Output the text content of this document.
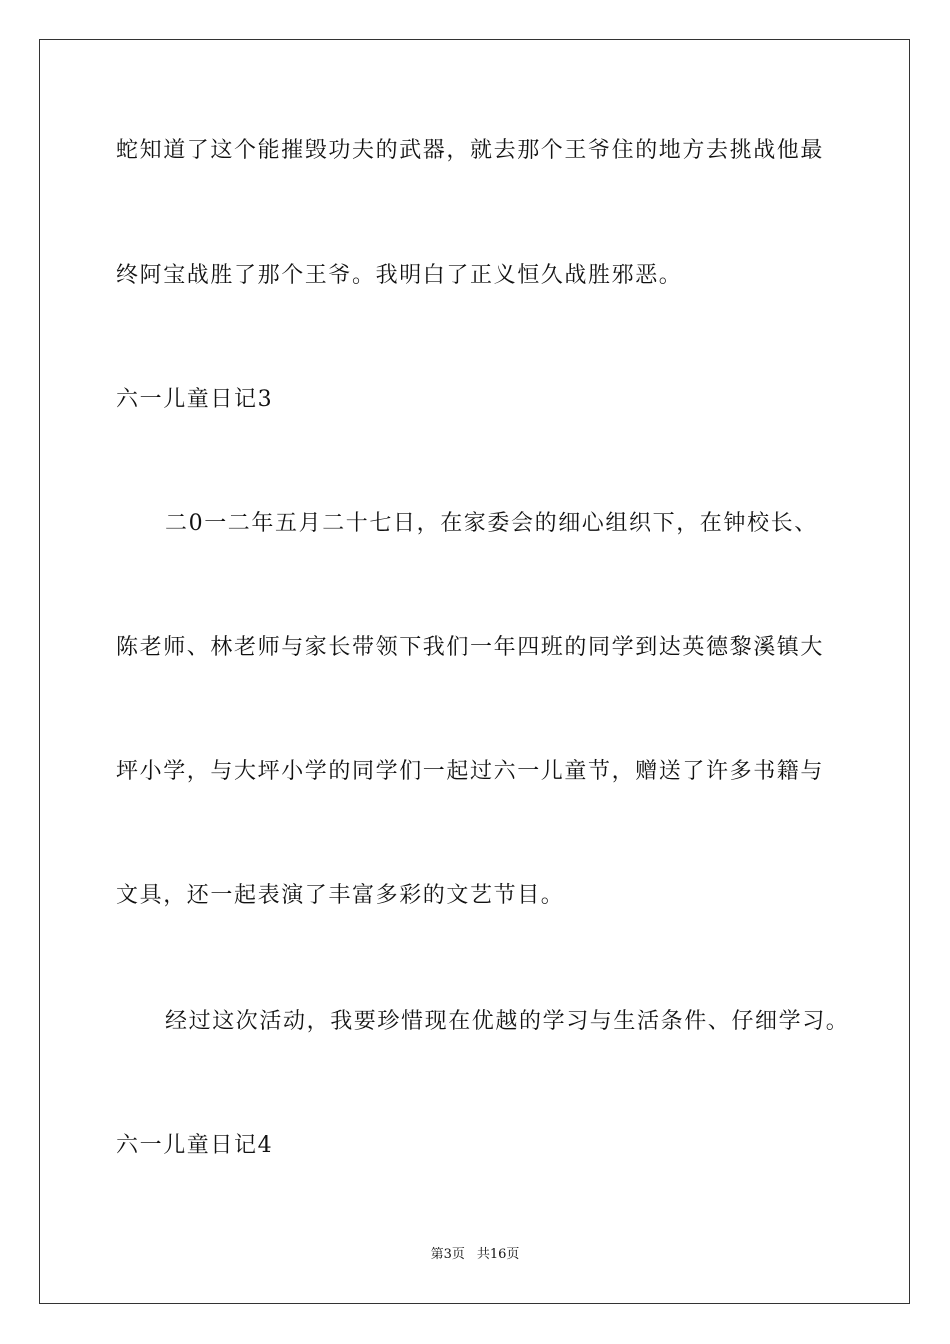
蛇知道了这个能摧毁功夫的武器，就去那个王爷住的地方去挑战他最
终阿宝战胜了那个王爷。我明白了正义恒久战胜邪恶。
六一儿童日记3
二0一二年五月二十七日，在家委会的细心组织下，在钟校长、
陈老师、林老师与家长带领下我们一年四班的同学到达英德黎溪镇大
坪小学，与大坪小学的同学们一起过六一儿童节，赠送了许多书籍与
文具，还一起表演了丰富多彩的文艺节目。
经过这次活动，我要珍惜现在优越的学习与生活条件、仔细学习。
六一儿童日记4
第3页 共16页
